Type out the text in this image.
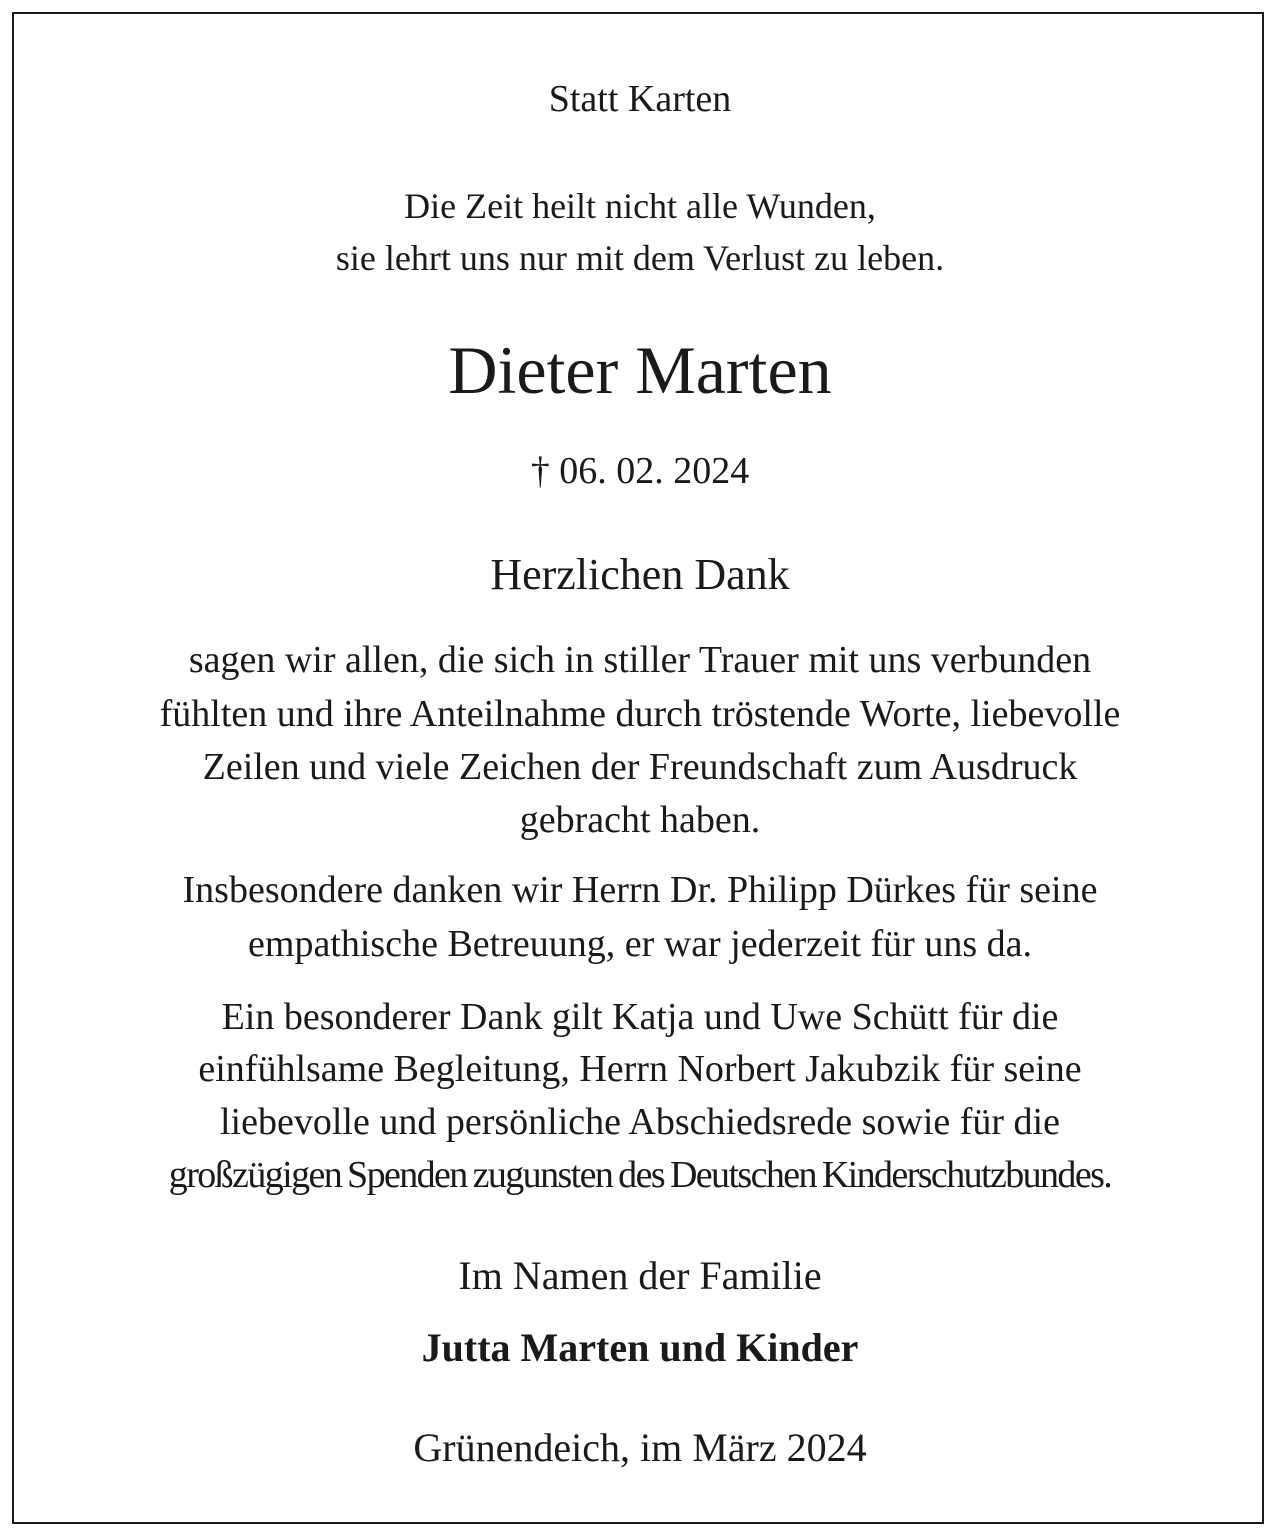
Statt Karten
Die Zeit heilt nicht alle Wunden,
sie lehrt uns nur mit dem Verlust zu leben.
Dieter Marten
† 06. 02. 2024
Herzlichen Dank
sagen wir allen, die sich in stiller Trauer mit uns verbunden
fühlten und ihre Anteilnahme durch tröstende Worte, liebevolle
Zeilen und viele Zeichen der Freundschaft zum Ausdruck
gebracht haben.
Insbesondere danken wir Herrn Dr. Philipp Dürkes für seine
empathische Betreuung, er war jederzeit für uns da.
Ein besonderer Dank gilt Katja und Uwe Schütt für die
einfühlsame Begleitung, Herrn Norbert Jakubzik für seine
liebevolle und persönliche Abschiedsrede sowie für die
großzügigen Spenden zugunsten des Deutschen Kinderschutzbundes.
Im Namen der Familie
Jutta Marten und Kinder
Grünendeich, im März 2024
